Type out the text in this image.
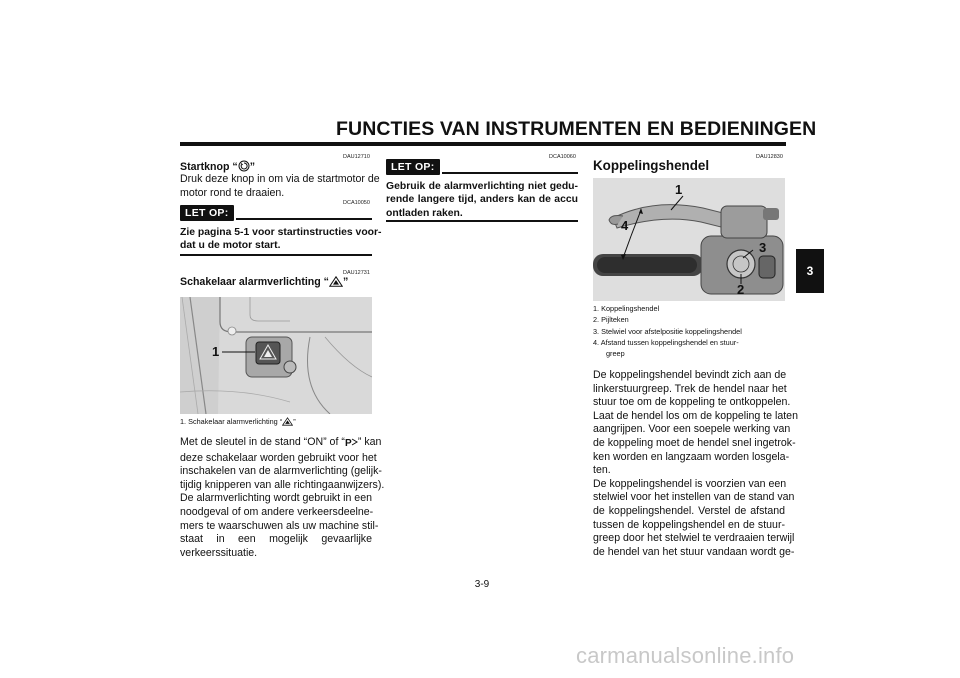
FUNCTIES VAN INSTRUMENTEN EN BEDIENINGEN
3
DAU12710
Startknop “ ”
Druk deze knop in om via de startmotor de
motor rond te draaien.
DCA10050
LET OP:
Zie pagina 5-1 voor startinstructies voor-
dat u de motor start.
DAU12731
Schakelaar alarmverlichting “ ”
1
1. Schakelaar alarmverlichting “ ”
Met de sleutel in de stand “ON” of “ P ” kan
deze schakelaar worden gebruikt voor het
inschakelen van de alarmverlichting (gelijk-
tijdig knipperen van alle richtingaanwijzers).
De alarmverlichting wordt gebruikt in een
noodgeval of om andere verkeersdeelne-
mers te waarschuwen als uw machine stil-
staat in een mogelijk gevaarlijke
verkeerssituatie.
DCA10060
LET OP:
Gebruik de alarmverlichting niet gedu-
rende langere tijd, anders kan de accu
ontladen raken.
DAU12830
Koppelingshendel
1
4
3
2
1. Koppelingshendel
2. Pijlteken
3. Stelwiel voor afstelpositie koppelingshendel
4. Afstand tussen koppelingshendel en stuur-
greep
De koppelingshendel bevindt zich aan de
linkerstuurgreep. Trek de hendel naar het
stuur toe om de koppeling te ontkoppelen.
Laat de hendel los om de koppeling te laten
aangrijpen. Voor een soepele werking van
de koppeling moet de hendel snel ingetrok-
ken worden en langzaam worden losgela-
ten.
De koppelingshendel is voorzien van een
stelwiel voor het instellen van de stand van
de koppelingshendel. Verstel de afstand
tussen de koppelingshendel en de stuur-
greep door het stelwiel te verdraaien terwijl
de hendel van het stuur vandaan wordt ge-
3-9
carmanualsonline.info
